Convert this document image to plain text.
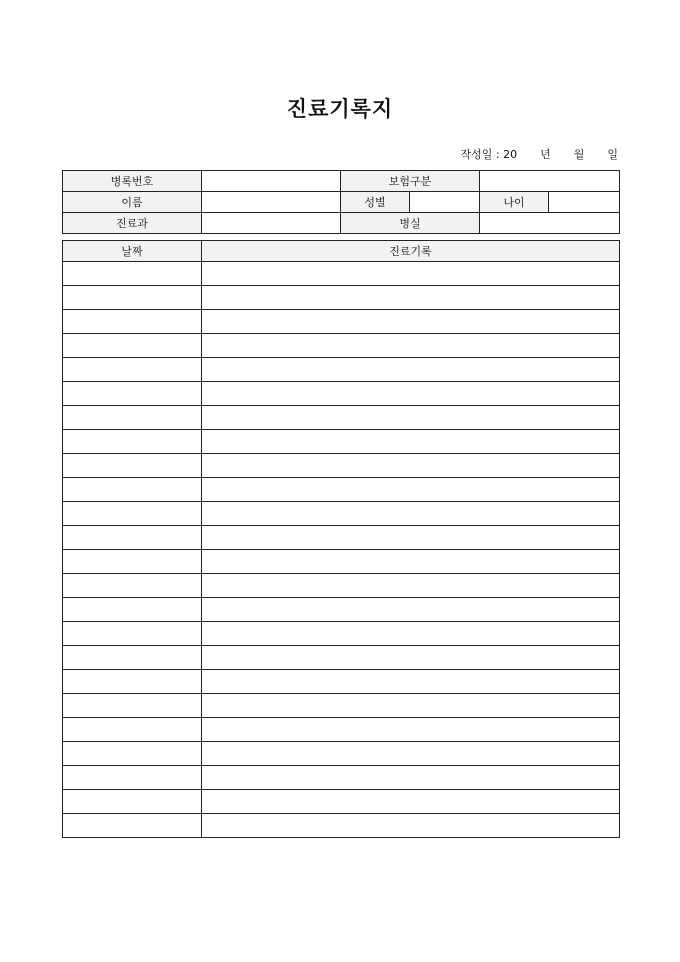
진료기록지
작성일 : 20 년 월 일
병록번호		보험구분			
이름		성별		나이	
진료과		병실			
날짜	진료기록
